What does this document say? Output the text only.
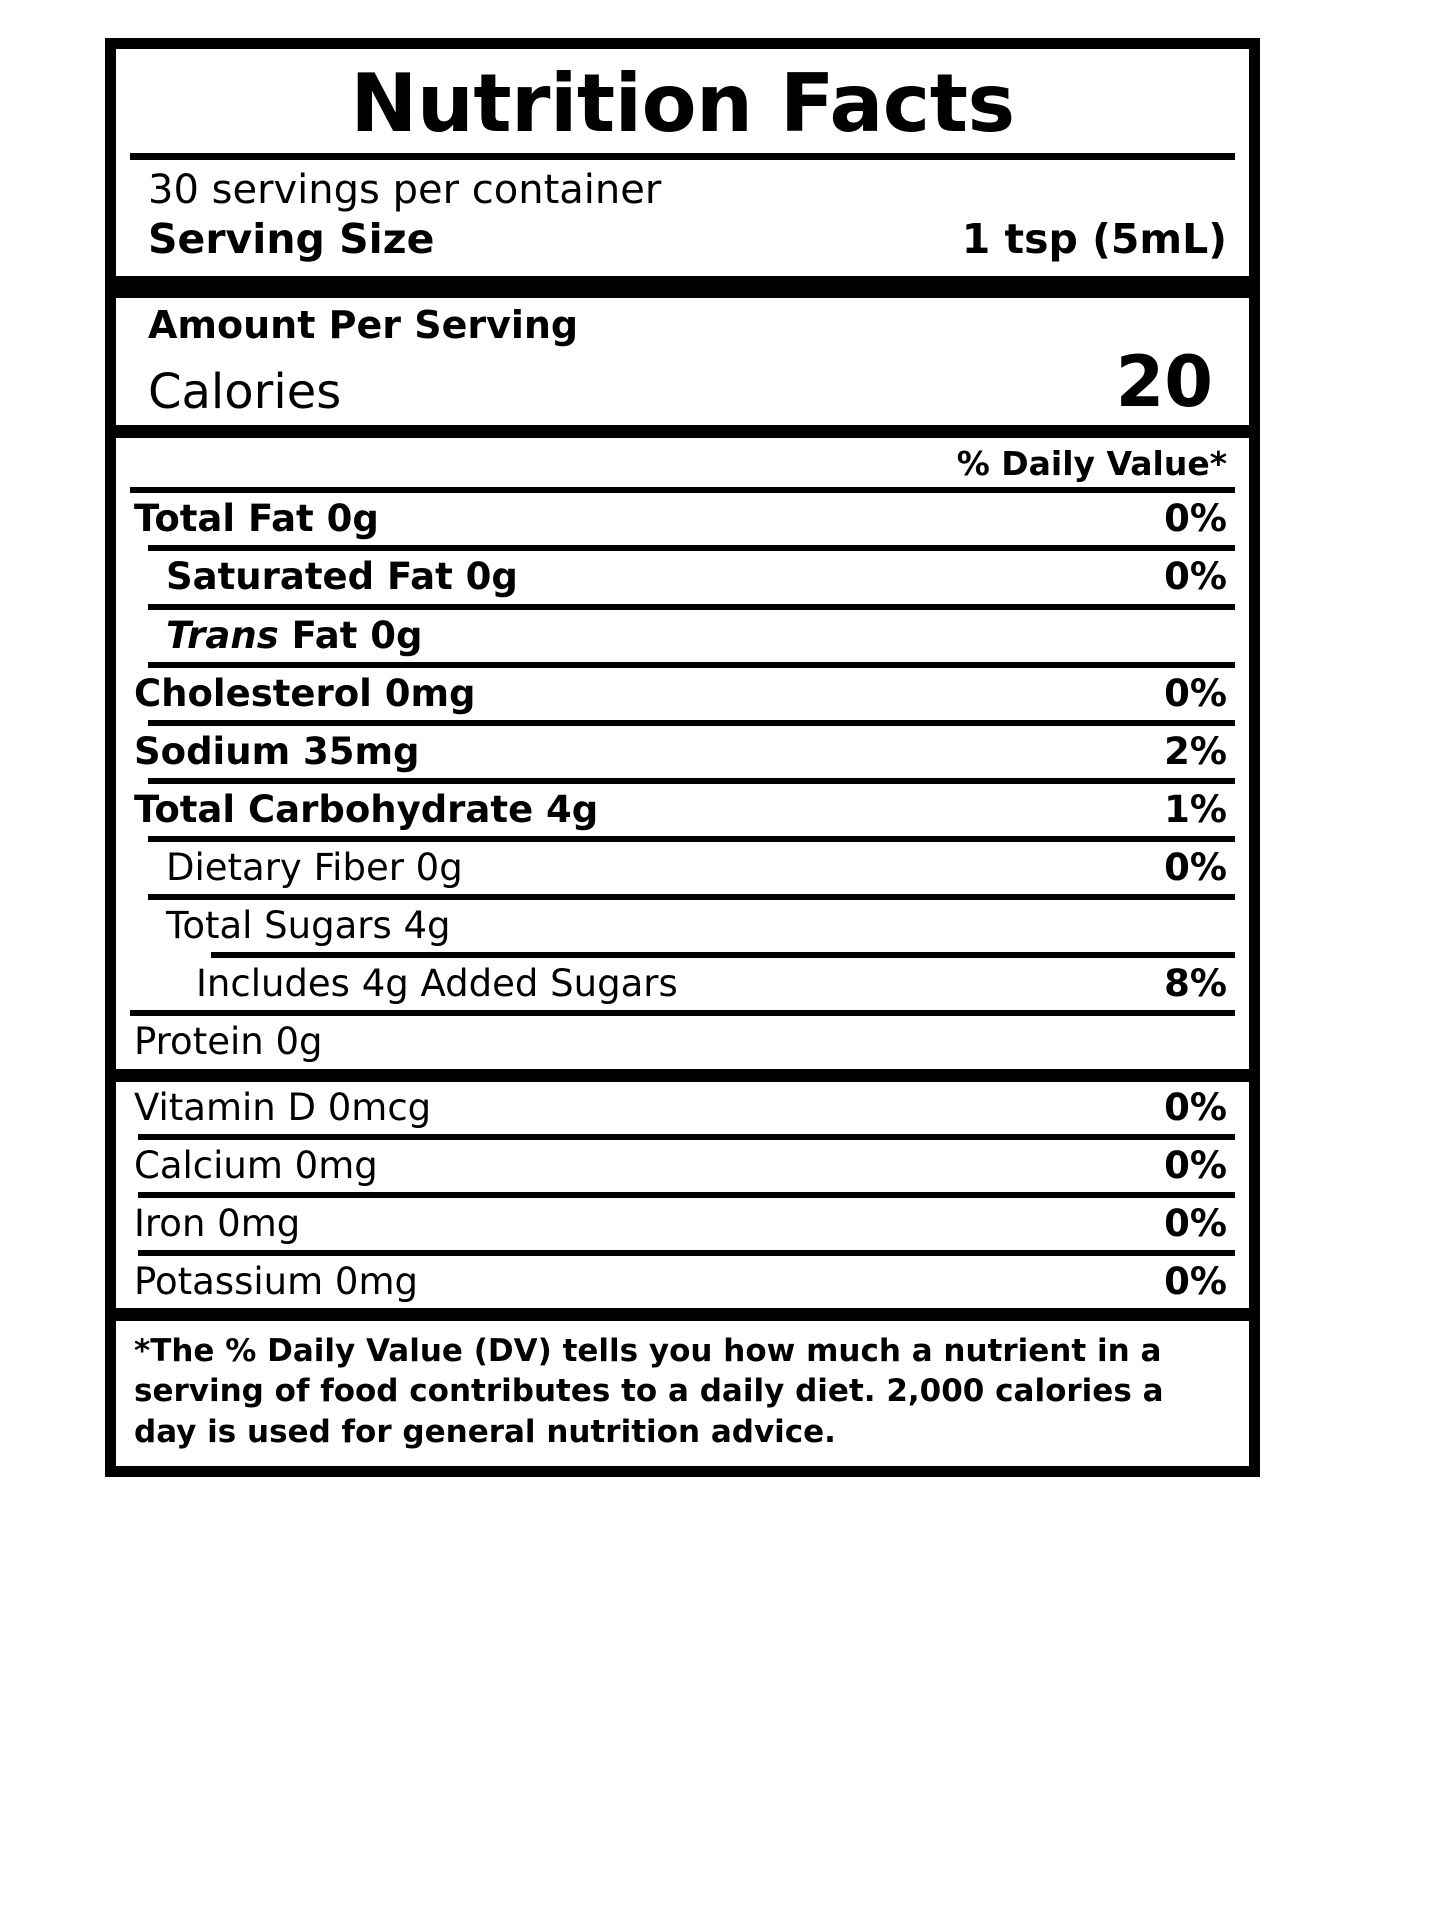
Nutrition Facts
30 servings per container
Serving Size	1 tsp (5mL)
Amount Per Serving
Calories	20
% Daily Value*
Total Fat 0g	0%
Saturated Fat 0g	0%
Trans Fat 0g
Cholesterol 0mg	0%
Sodium 35mg	2%
Total Carbohydrate 4g	1%
Dietary Fiber 0g	0%
Total Sugars 4g
Includes 4g Added Sugars	8%
Protein 0g
Vitamin D 0mcg	0%
Calcium 0mg	0%
Iron 0mg	0%
Potassium 0mg	0%
*The % Daily Value (DV) tells you how much a nutrient in a serving of food contributes to a daily diet. 2,000 calories a day is used for general nutrition advice.
